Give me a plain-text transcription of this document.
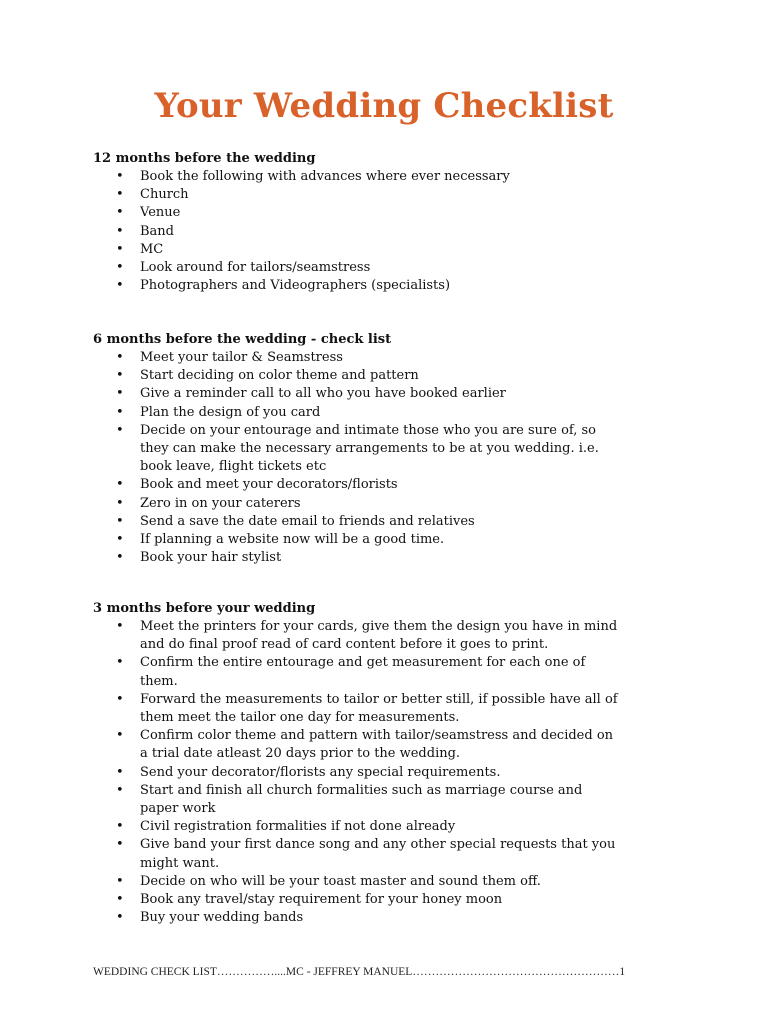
Your Wedding Checklist

12 months before the wedding

• Book the following with advances where ever necessary
• Church
• Venue
• Band
• MC
• Look around for tailors/seamstress
• Photographers and Videographers (specialists)

6 months before the wedding - check list

• Meet your tailor & Seamstress
• Start deciding on color theme and pattern
• Give a reminder call to all who you have booked earlier
• Plan the design of you card
• Decide on your entourage and intimate those who you are sure of, so they can make the necessary arrangements to be at you wedding. i.e. book leave, flight tickets etc
• Book and meet your decorators/florists
• Zero in on your caterers
• Send a save the date email to friends and relatives
• If planning a website now will be a good time.
• Book your hair stylist

3 months before your wedding

• Meet the printers for your cards, give them the design you have in mind and do final proof read of card content before it goes to print.
• Confirm the entire entourage and get measurement for each one of them.
• Forward the measurements to tailor or better still, if possible have all of them meet the tailor one day for measurements.
• Confirm color theme and pattern with tailor/seamstress and decided on a trial date atleast 20 days prior to the wedding.
• Send your decorator/florists any special requirements.
• Start and finish all church formalities such as marriage course and paper work
• Civil registration formalities if not done already
• Give band your first dance song and any other special requests that you might want.
• Decide on who will be your toast master and sound them off.
• Book any travel/stay requirement for your honey moon
• Buy your wedding bands
WEDDING CHECK LIST……………....MC - JEFFREY MANUEL………………………………………………1
